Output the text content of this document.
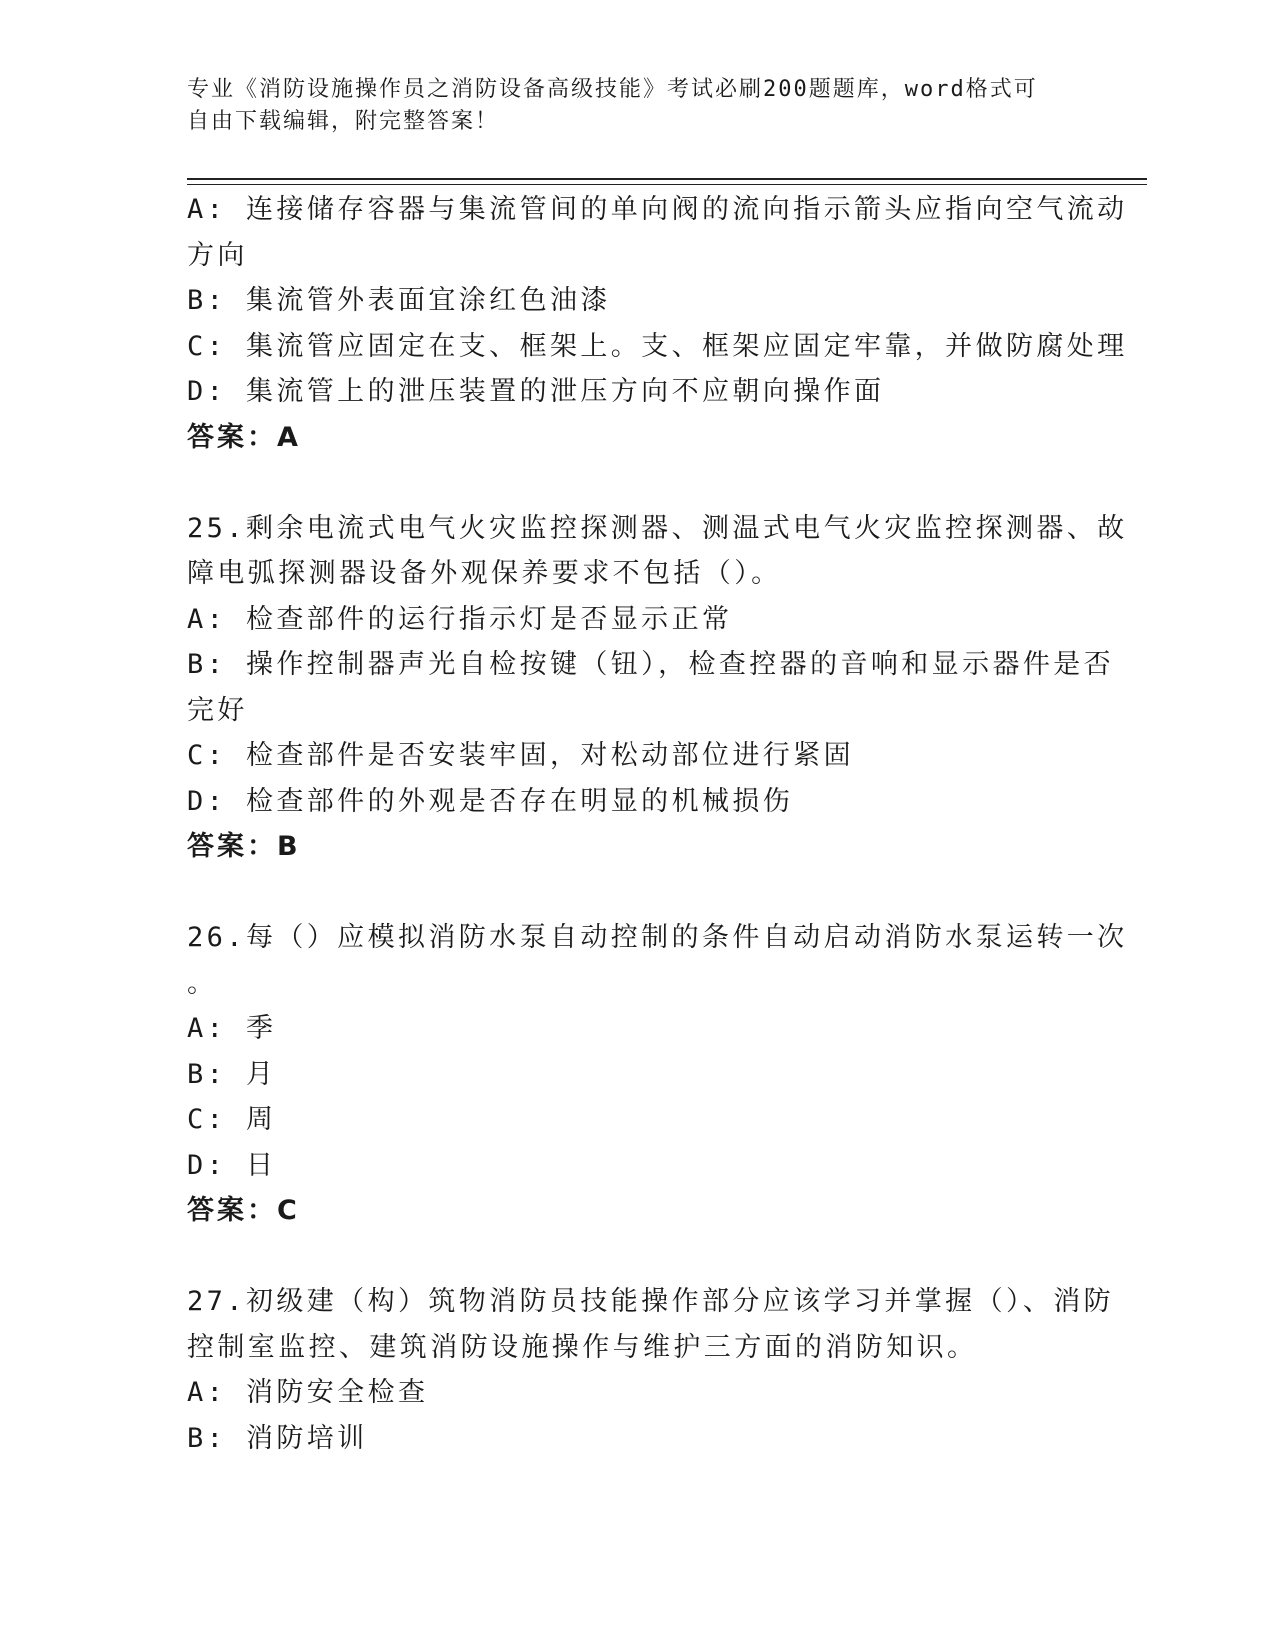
专业《消防设施操作员之消防设备高级技能》考试必刷200题题库，word格式可
自由下载编辑，附完整答案！
A: 连接储存容器与集流管间的单向阀的流向指示箭头应指向空气流动
方向
B: 集流管外表面宜涂红色油漆
C: 集流管应固定在支、框架上。支、框架应固定牢靠，并做防腐处理
D: 集流管上的泄压装置的泄压方向不应朝向操作面
答案：A
25.剩余电流式电气火灾监控探测器、测温式电气火灾监控探测器、故
障电弧探测器设备外观保养要求不包括（）。
A: 检查部件的运行指示灯是否显示正常
B: 操作控制器声光自检按键（钮），检查控器的音响和显示器件是否
完好
C: 检查部件是否安装牢固，对松动部位进行紧固
D: 检查部件的外观是否存在明显的机械损伤
答案：B
26.每（）应模拟消防水泵自动控制的条件自动启动消防水泵运转一次
。
A: 季
B: 月
C: 周
D: 日
答案：C
27.初级建（构）筑物消防员技能操作部分应该学习并掌握（）、消防
控制室监控、建筑消防设施操作与维护三方面的消防知识。
A: 消防安全检查
B: 消防培训
